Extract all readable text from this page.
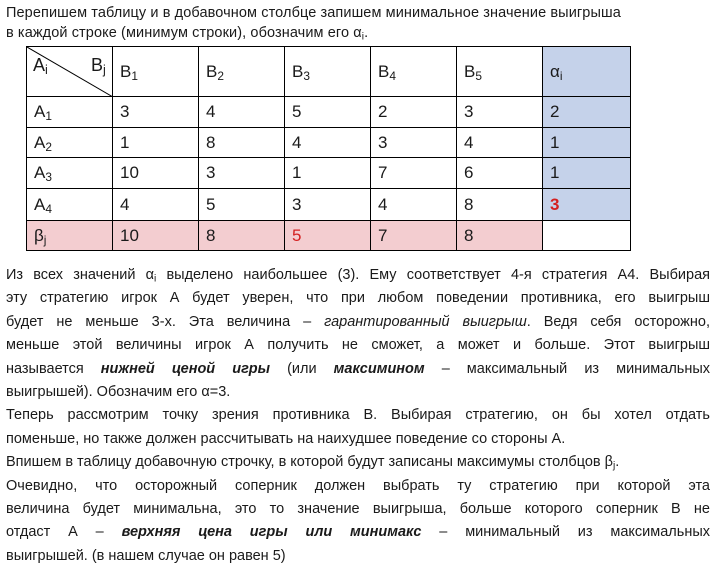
Перепишем таблицу и в добавочном столбце запишем минимальное значение выигрыша
в каждой строке (минимум строки), обозначим его $\alpha_i$.
$A_i$ $B_j$	$B_1$	$B_2$	$B_3$	$B_4$	$B_5$	$\alpha_i$
$A_1$	3	4	5	2	3	2
$A_2$	1	8	4	3	4	1
$A_3$	10	3	1	7	6	1
$A_4$	4	5	3	4	8	3
$\beta_j$	10	8	5	7	8	
Из всех значений $\alpha_i$ выделено наибольшее (3). Ему соответствует 4-я стратегия А4. Выбирая
эту стратегию игрок А будет уверен, что при любом поведении противника, его выигрыш
будет не меньше 3-х. Эта величина – гарантированный выигрыш. Ведя себя осторожно,
меньше этой величины игрок А получить не сможет, а может и больше. Этот выигрыш
называется нижней ценой игры (или максимином – максимальный из минимальных
выигрышей). Обозначим его α=3.
Теперь рассмотрим точку зрения противника В. Выбирая стратегию, он бы хотел отдать
поменьше, но также должен рассчитывать на наихудшее поведение со стороны А.
Впишем в таблицу добавочную строчку, в которой будут записаны максимумы столбцов $\beta_j$.
Очевидно, что осторожный соперник должен выбрать ту стратегию при которой эта
величина будет минимальна, это то значение выигрыша, больше которого соперник В не
отдаст А – верхняя цена игры или минимакс – минимальный из максимальных
выигрышей. (в нашем случае он равен 5)
